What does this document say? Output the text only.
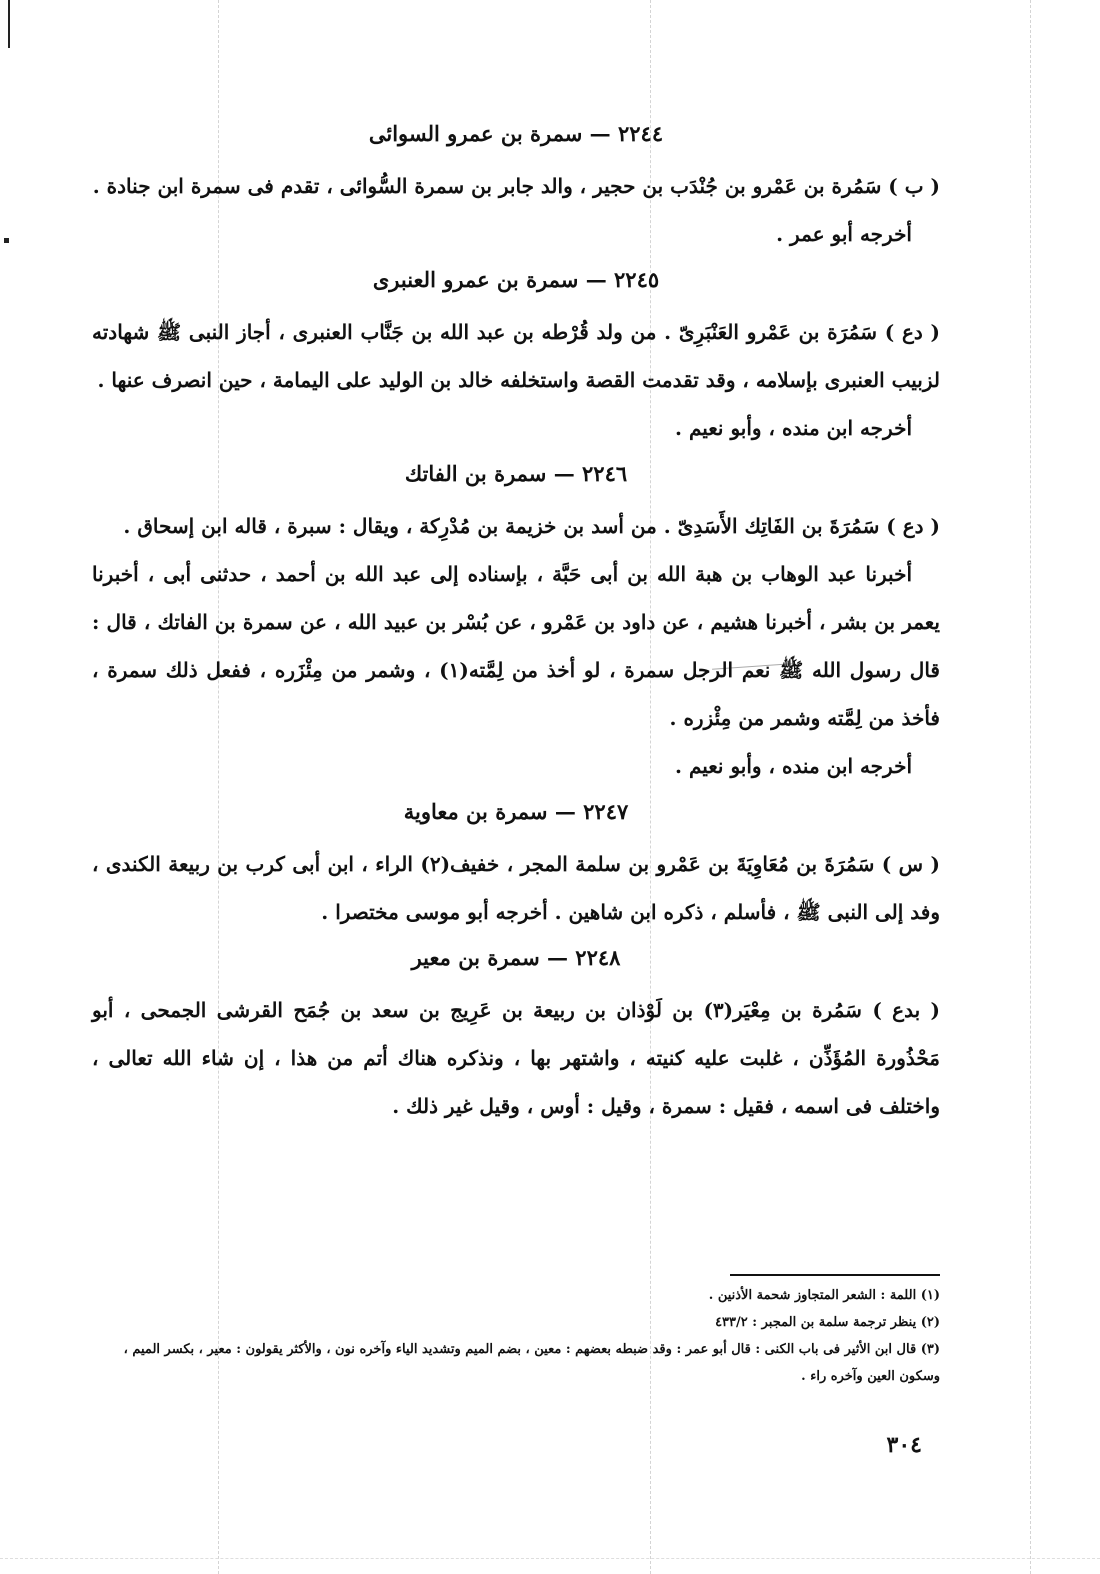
٢٢٤٤ — سمرة بن عمرو السوائى

( ب ) سَمُرة بن عَمْرو بن جُنْدَب بن حجير ، والد جابر بن سمرة السُّوائى ، تقدم فى سمرة ابن جنادة .

أخرجه أبو عمر .

٢٢٤٥ — سمرة بن عمرو العنبرى

( دع ) سَمُرَة بن عَمْرو العَنْبَرِىّ . من ولد قُرْطه بن عبد الله بن جَنَّاب العنبرى ، أجاز النبى ﷺ شهادته لزبيب العنبرى بإسلامه ، وقد تقدمت القصة واستخلفه خالد بن الوليد على اليمامة ، حين انصرف عنها .

أخرجه ابن منده ، وأبو نعيم .

٢٢٤٦ — سمرة بن الفاتك

( دع ) سَمُرَةَ بن الفَاتِك الأَسَدِىّ . من أسد بن خزيمة بن مُدْرِكة ، ويقال : سبرة ، قاله ابن إسحاق .

أخبرنا عبد الوهاب بن هبة الله بن أبى حَبَّة ، بإسناده إلى عبد الله بن أحمد ، حدثنى أبى ، أخبرنا يعمر بن بشر ، أخبرنا هشيم ، عن داود بن عَمْرو ، عن بُسْر بن عبيد الله ، عن سمرة بن الفاتك ، قال : قال رسول الله ﷺ نعم الرجل سمرة ، لو أخذ من لِمَّته(١) ، وشمر من مِئْزَره ، ففعل ذلك سمرة ، فأخذ من لِمَّته وشمر من مِئْزره .

أخرجه ابن منده ، وأبو نعيم .

٢٢٤٧ — سمرة بن معاوية

( س ) سَمُرَةَ بن مُعَاوِيَةَ بن عَمْرو بن سلمة المجر ، خفيف(٢) الراء ، ابن أبى كرب بن ربيعة الكندى ، وفد إلى النبى ﷺ ، فأسلم ، ذكره ابن شاهين . أخرجه أبو موسى مختصرا .

٢٢٤٨ — سمرة بن معير

( بدع ) سَمُرة بن مِعْيَر(٣) بن لَوْذان بن ربيعة بن عَرِيج بن سعد بن جُمَح القرشى الجمحى ، أبو مَحْذُورة المُؤَذِّن ، غلبت عليه كنيته ، واشتهر بها ، ونذكره هناك أتم من هذا ، إن شاء الله تعالى ، واختلف فى اسمه ، فقيل : سمرة ، وقيل : أوس ، وقيل غير ذلك .

(١) اللمة : الشعر المتجاوز شحمة الأذنين .

(٢) ينظر ترجمة سلمة بن المجبر : ٤٣٣/٢

(٣) قال ابن الأثير فى باب الكنى : قال أبو عمر : وقد ضبطه بعضهم : معين ، بضم الميم وتشديد الياء وآخره نون ، والأكثر يقولون : معير ، بكسر الميم ، وسكون العين وآخره راء .

٣٠٤
